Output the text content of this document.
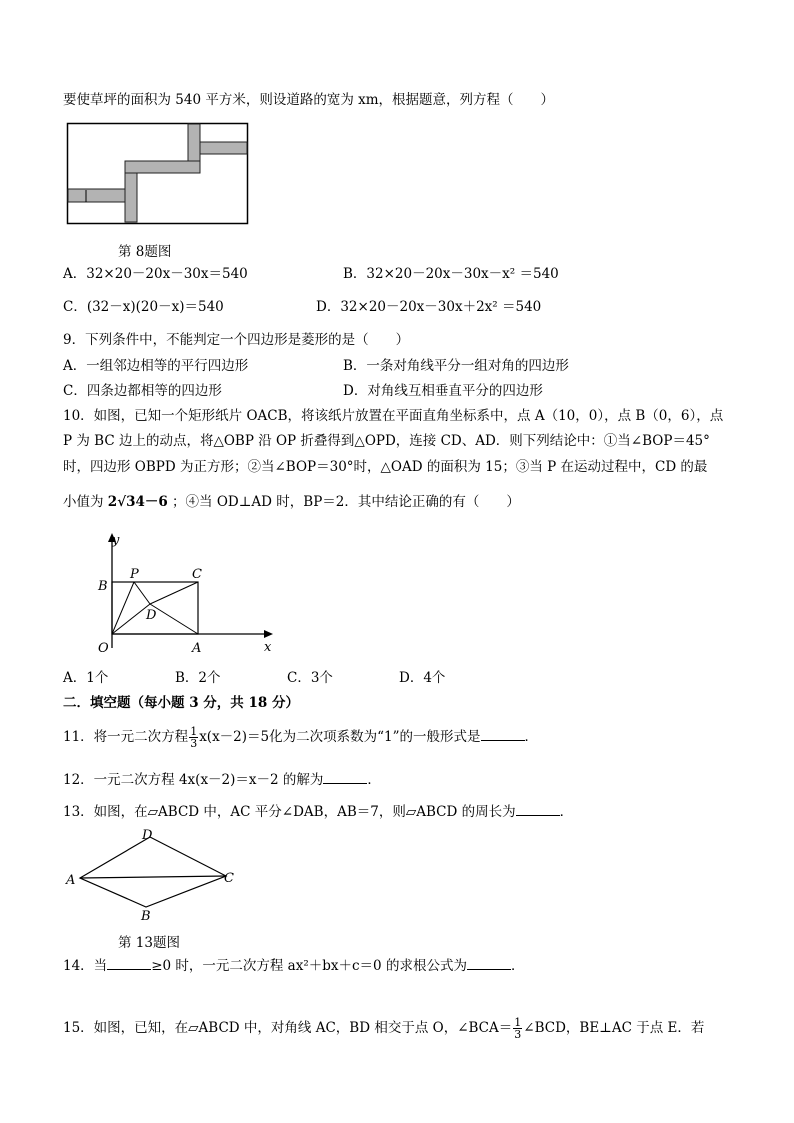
要使草坪的面积为 540 平方米，则设道路的宽为 xm，根据题意，列方程（　　）
第 8题图
A．32×20－20x－30x＝540	B．32×20－20x－30x－x² ＝540
C．(32－x)(20－x)＝540	D．32×20－20x－30x＋2x² ＝540
9．下列条件中，不能判定一个四边形是菱形的是（　　）
A．一组邻边相等的平行四边形	B．一条对角线平分一组对角的四边形
C．四条边都相等的四边形	D．对角线互相垂直平分的四边形
10．如图，已知一个矩形纸片 OACB，将该纸片放置在平面直角坐标系中，点 A（10，0），点 B（0，6），点
P 为 BC 边上的动点，将△OBP 沿 OP 折叠得到△OPD，连接 CD、AD．则下列结论中：①当∠BOP＝45°
时，四边形 OBPD 为正方形；②当∠BOP＝30°时，△OAD 的面积为 15；③当 P 在运动过程中，CD 的最
小值为 2√34－6 ；④当 OD⊥AD 时，BP＝2．其中结论正确的有（　　）
y
x
O	A
B
C
P
D
A．1个	B．2个	C．3个	D．4个
二．填空题（每小题 3 分，共 18 分）
11．将一元二次方程 $\frac{1}{3} x(x-2)=5$化为二次项系数为“1”的一般形式是	．
12．一元二次方程 4x(x－2)＝x－2 的解为	．
13．如图，在▱ABCD 中，AC 平分∠DAB，AB＝7，则▱ABCD 的周长为	．
A
D
C
B
第 13题图
14．当	≥0 时，一元二次方程 ax²＋bx＋c＝0 的求根公式为	．
15．如图，已知，在▱ABCD 中，对角线 AC，BD 相交于点 O，∠BCA＝ $\frac{1}{3}$ ∠BCD，BE⊥AC 于点 E．若
